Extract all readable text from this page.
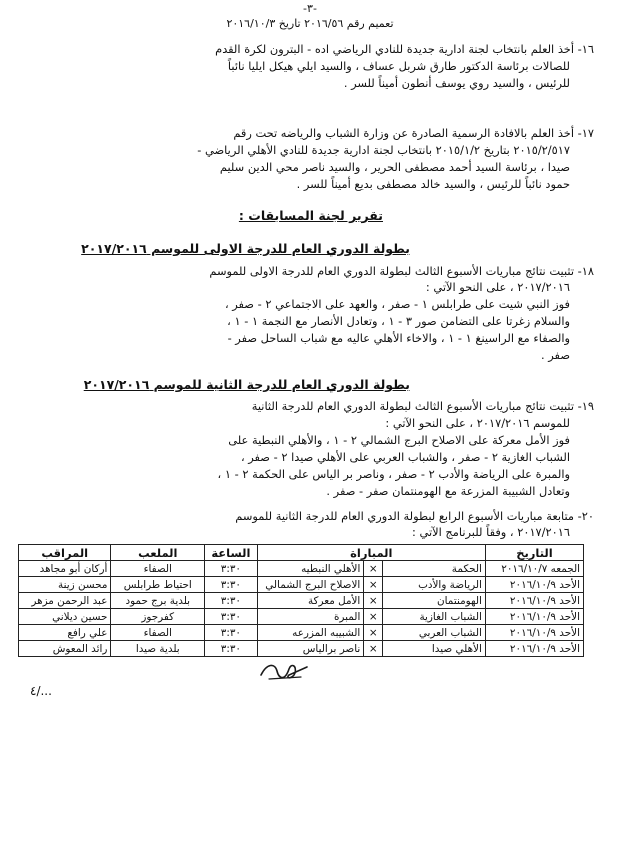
-٣-
تعميم رقم ٢٠١٦/٥٦ تاريخ ٢٠١٦/١٠/٣
١٦- أخذ العلم بانتخاب لجنة ادارية جديدة للنادي الرياضي اده - البترون لكرة القدم
للصالات برئاسة الدكتور طارق شربل عساف ، والسيد ايلي هيكل ايليا نائباً
للرئيس ، والسيد روي يوسف أنطون أميناً للسر .
١٧- أخذ العلم بالافادة الرسمية الصادرة عن وزارة الشباب والرياضه تحت رقم
٢٠١٥/٢/٥١٧ بتاريخ ٢٠١٥/١/٢ بانتخاب لجنة ادارية جديدة للنادي الأهلي الرياضي -
صيدا ، برئاسة السيد أحمد مصطفى الحرير ، والسيد ناصر محي الدين سليم
حمود نائباً للرئيس ، والسيد خالد مصطفى بديع أميناً للسر .
تقرير لجنة المسابقات :
بطولة الدوري العام للدرجة الاولى للموسم ٢٠١٧/٢٠١٦
١٨- تثبيت نتائج مباريات الأسبوع الثالث لبطولة الدوري العام للدرجة الاولى للموسم
٢٠١٧/٢٠١٦ ، على النحو الآتي :
فوز النبي شيت على طرابلس ١ - صفر ، والعهد على الاجتماعي ٢ - صفر ،
والسلام زغرتا على التضامن صور ٣ - ١ ، وتعادل الأنصار مع النجمة ١ - ١ ،
والصفاء مع الراسينغ ١ - ١ ، والاخاء الأهلي عاليه مع شباب الساحل صفر -
صفر .
بطولة الدوري العام للدرجة الثانية للموسم ٢٠١٧/٢٠١٦
١٩- تثبيت نتائج مباريات الأسبوع الثالث لبطولة الدوري العام للدرجة الثانية
للموسم ٢٠١٧/٢٠١٦ ، على النحو الآتي :
فوز الأمل معركة على الاصلاح البرج الشمالي ٢ - ١ ، والأهلي النبطية على
الشباب الغازية ٢ - صفر ، والشباب العربي على الأهلي صيدا ٢ - صفر ،
والمبرة على الرياضة والأدب ٢ - صفر ، وناصر بر الياس على الحكمة ٢ - ١ ،
وتعادل الشبيبة المزرعة مع الهومنتمان صفر - صفر .
٢٠- متابعة مباريات الأسبوع الرابع لبطولة الدوري العام للدرجة الثانية للموسم
٢٠١٧/٢٠١٦ ، وفقاً للبرنامج الآتي :
التاريخ	المباراة			الساعة	الملعب	المراقب
الجمعه ٢٠١٦/١٠/٧	الحكمة	×	الأهلي النبطيه	٣:٣٠	الصفاء	أركان أبو مجاهد
الأحد ٢٠١٦/١٠/٩	الرياضة والأدب	×	الاصلاح البرج الشمالي	٣:٣٠	احتياط طرابلس	محسن زينة
الأحد ٢٠١٦/١٠/٩	الهومنتمان	×	الأمل معركة	٣:٣٠	بلدية برج حمود	عبد الرحمن مزهر
الأحد ٢٠١٦/١٠/٩	الشباب الغازية	×	المبرة	٣:٣٠	كفرجوز	حسين ديلاني
الأحد ٢٠١٦/١٠/٩	الشباب العربي	×	الشبيبه المزرعه	٣:٣٠	الصفاء	علي رافع
الأحد ٢٠١٦/١٠/٩	الأهلي صيدا	×	ناصر برالياس	٣:٣٠	بلدية صيدا	رائد المعوش
٤/...
